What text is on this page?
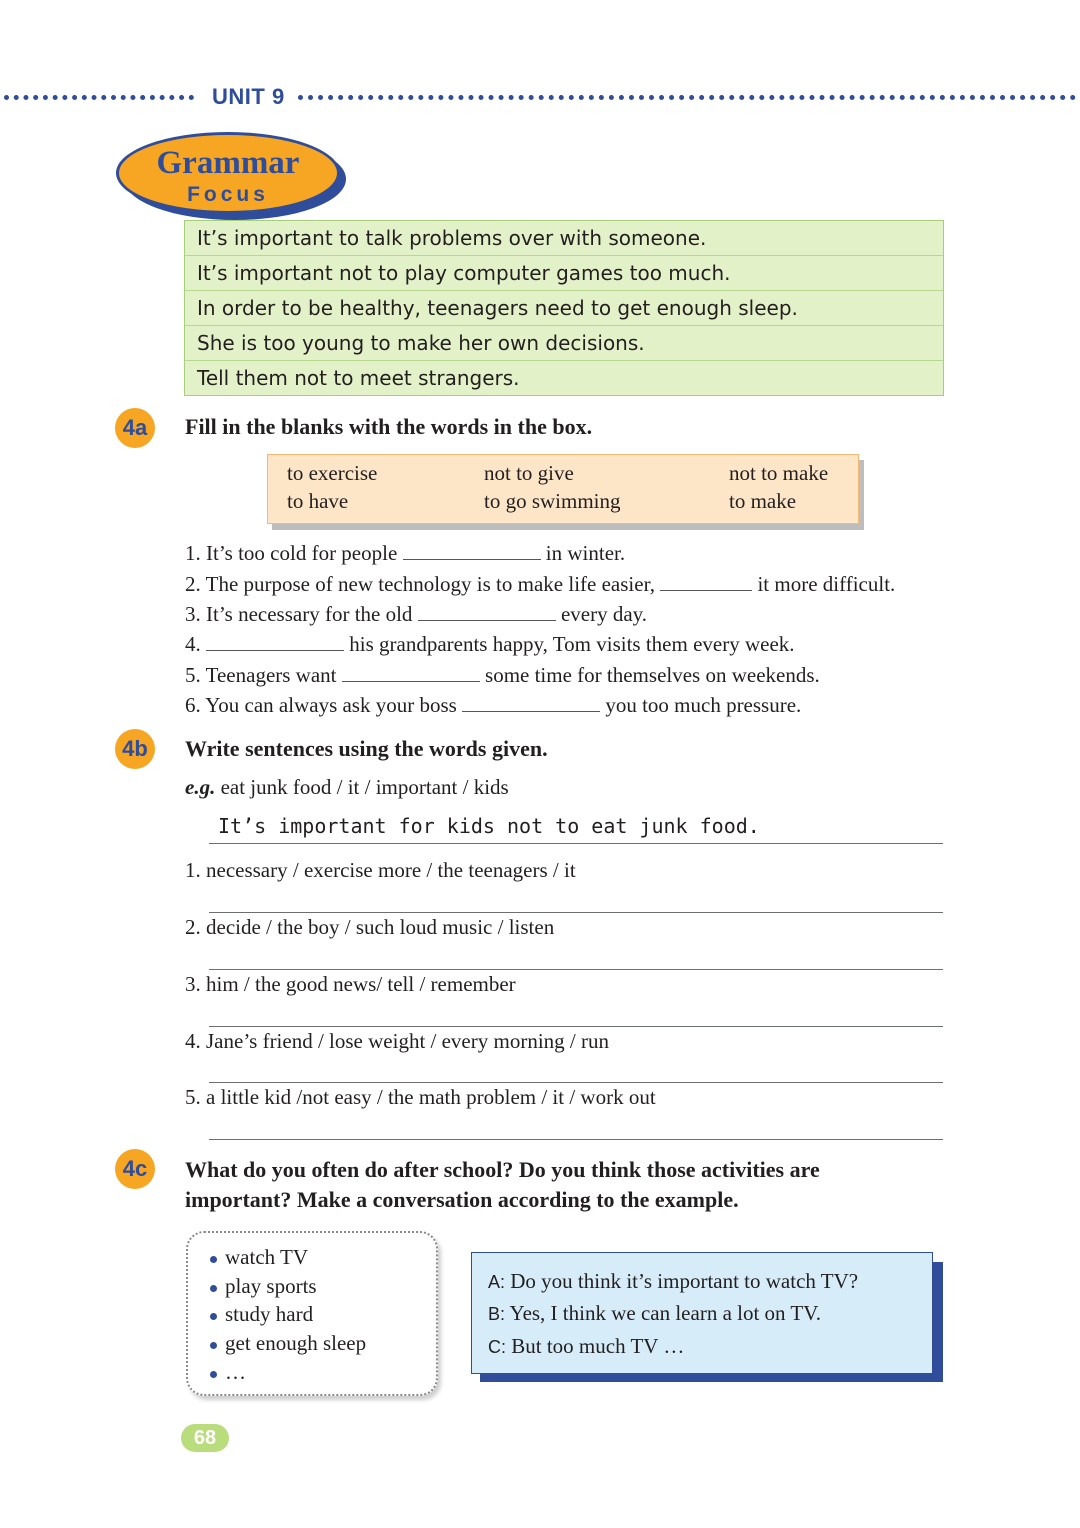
UNIT 9
Grammar
Focus
It’s important to talk problems over with someone.
It’s important not to play computer games too much.
In order to be healthy, teenagers need to get enough sleep.
She is too young to make her own decisions.
Tell them not to meet strangers.
4a	Fill in the blanks with the words in the box.
to exercise	not to give	not to make
to have	to go swimming	to make
1. It’s too cold for people	in winter.
2. The purpose of new technology is to make life easier,	it more difficult.
3. It’s necessary for the old	every day.
4.	his grandparents happy, Tom visits them every week.
5. Teenagers want	some time for themselves on weekends.
6. You can always ask your boss	you too much pressure.
4b	Write sentences using the words given.
e.g. eat junk food / it / important / kids
It’s important for kids not to eat junk food.
1. necessary / exercise more / the teenagers / it
2. decide / the boy / such loud music / listen
3. him / the good news/ tell / remember
4. Jane’s friend / lose weight / every morning / run
5. a little kid /not easy / the math problem / it / work out
4c	What do you often do after school? Do you think those activities are
important? Make a conversation according to the example.
watch TV
play sports
study hard
get enough sleep
…
A: Do you think it’s important to watch TV?
B: Yes, I think we can learn a lot on TV.
C: But too much TV …
68
